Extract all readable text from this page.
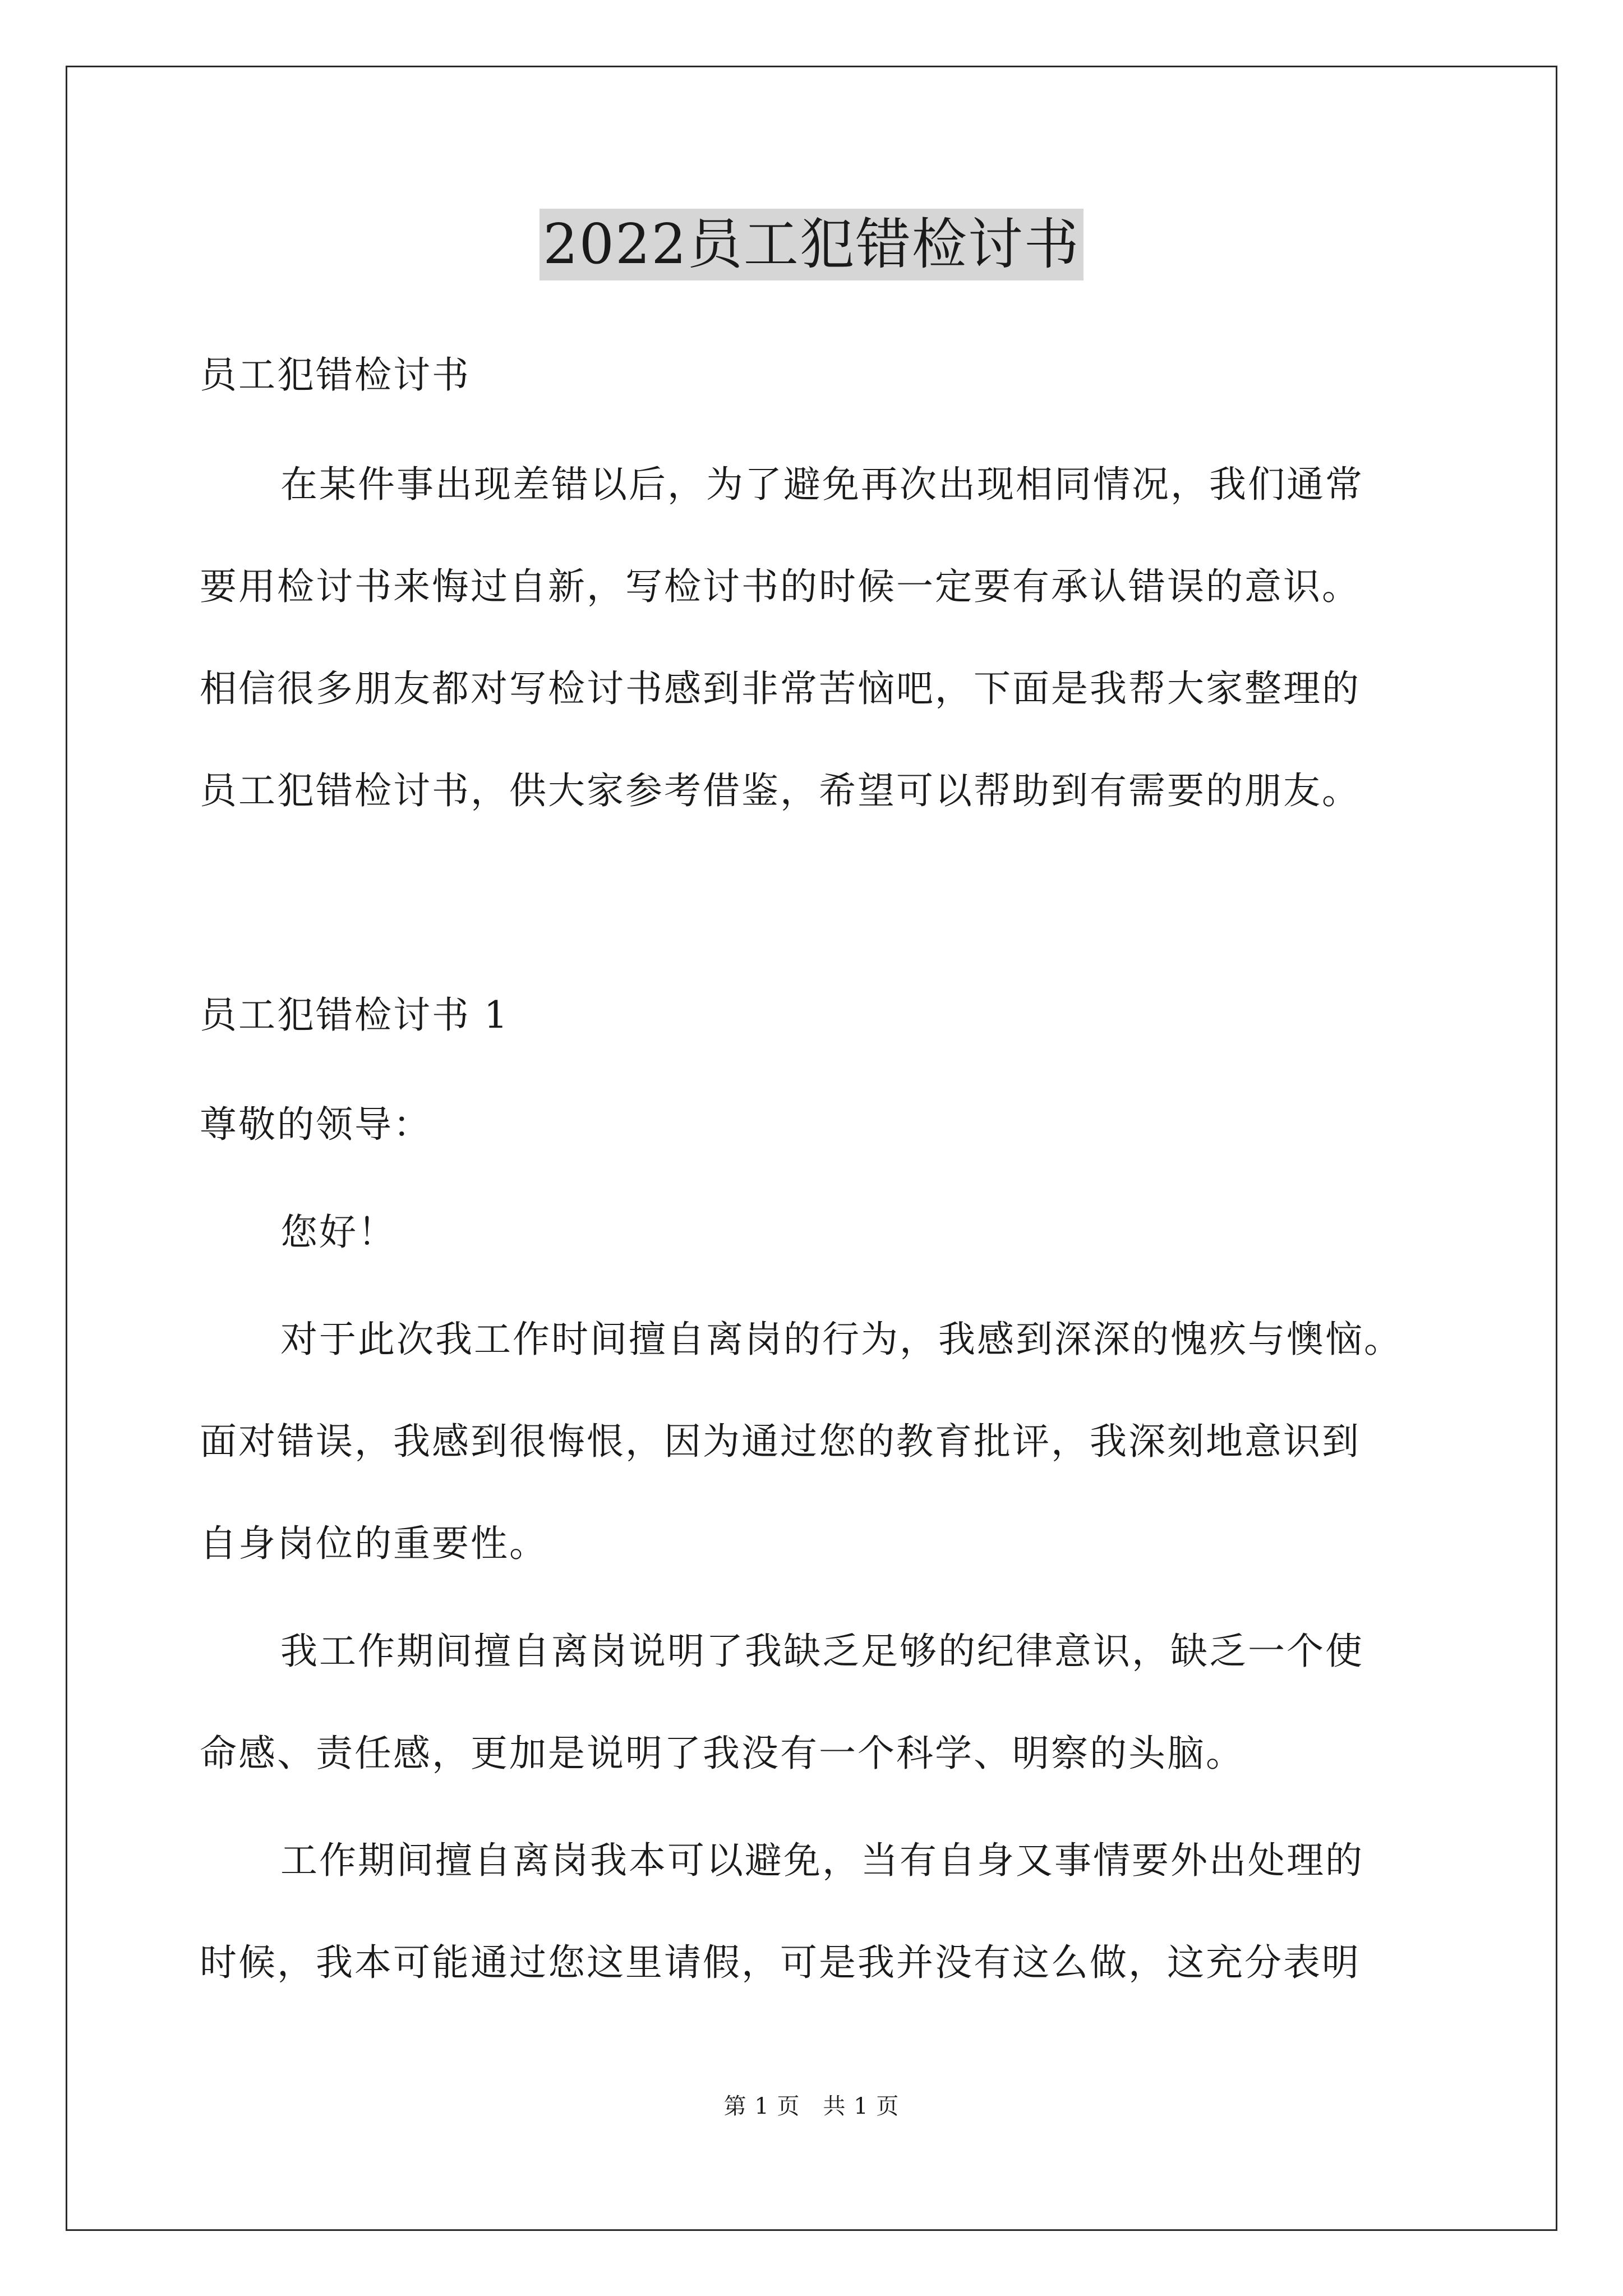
2022员工犯错检讨书
员工犯错检讨书
在某件事出现差错以后，为了避免再次出现相同情况，我们通常
要用检讨书来悔过自新，写检讨书的时候一定要有承认错误的意识。
相信很多朋友都对写检讨书感到非常苦恼吧，下面是我帮大家整理的
员工犯错检讨书，供大家参考借鉴，希望可以帮助到有需要的朋友。
员工犯错检讨书 1
尊敬的领导：
您好！
对于此次我工作时间擅自离岗的行为，我感到深深的愧疚与懊恼。
面对错误，我感到很悔恨，因为通过您的教育批评，我深刻地意识到
自身岗位的重要性。
我工作期间擅自离岗说明了我缺乏足够的纪律意识，缺乏一个使
命感、责任感，更加是说明了我没有一个科学、明察的头脑。
工作期间擅自离岗我本可以避免，当有自身又事情要外出处理的
时候，我本可能通过您这里请假，可是我并没有这么做，这充分表明
第 1 页　共 1 页
